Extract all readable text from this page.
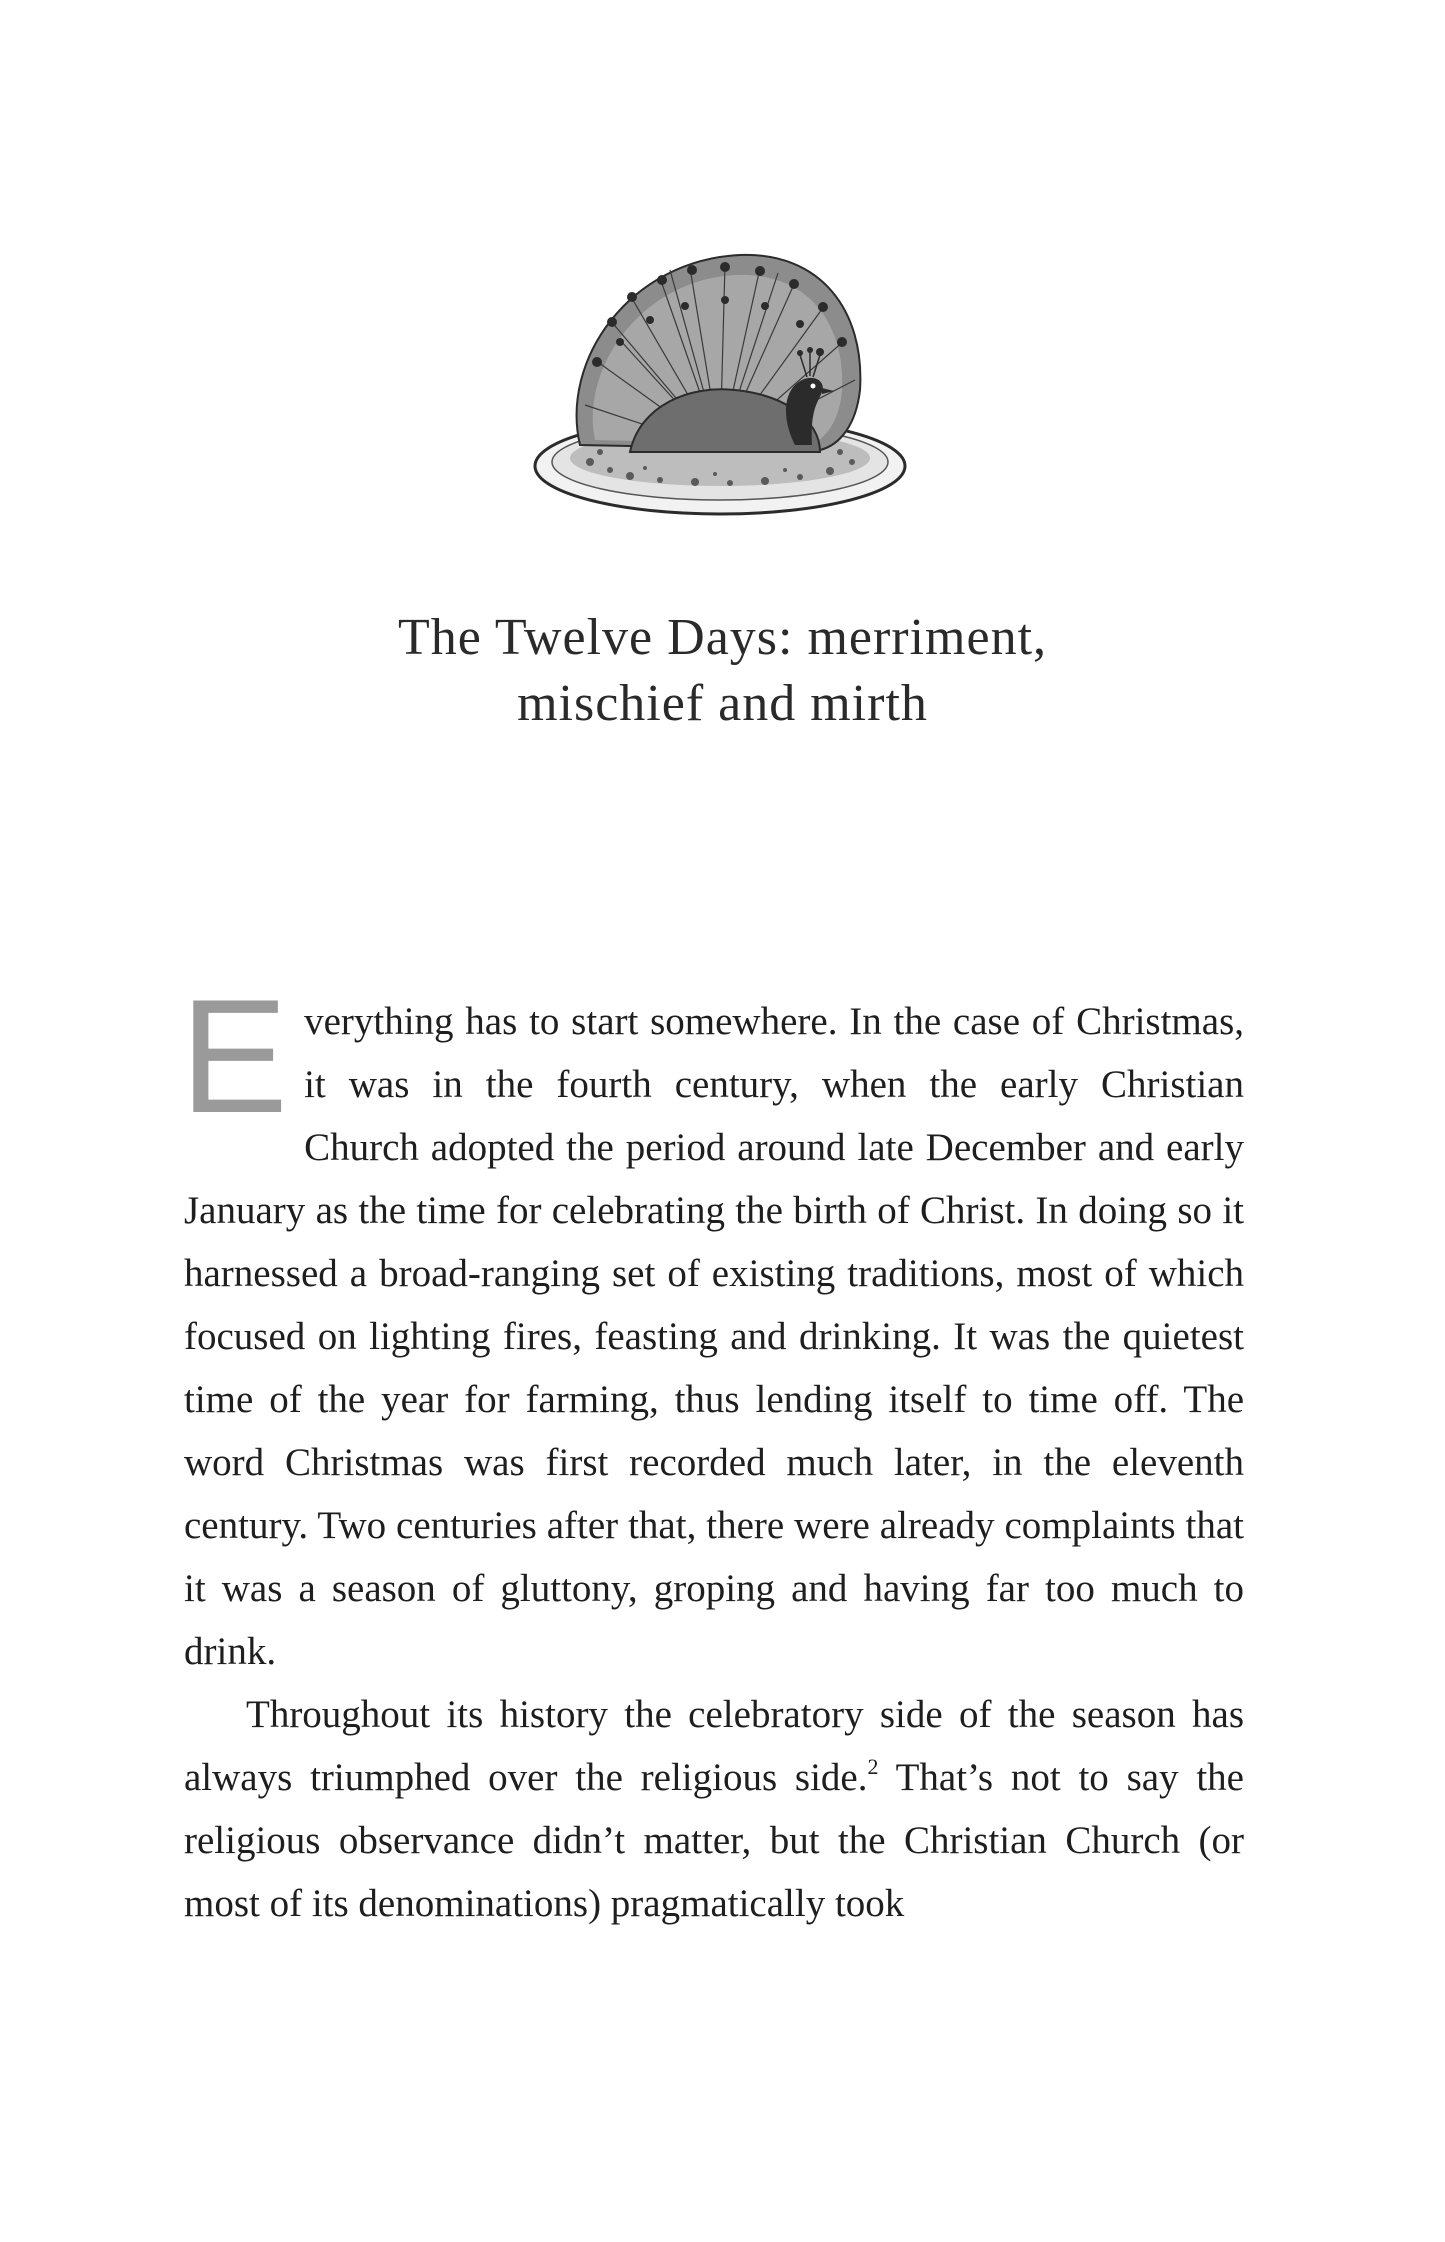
The Twelve Days: merriment,
mischief and mirth

Everything has to start somewhere. In the case of Christmas, it was in the fourth century, when the early Christian Church adopted the period around late December and early January as the time for celebrating the birth of Christ. In doing so it harnessed a broad-ranging set of existing traditions, most of which focused on lighting fires, feasting and drinking. It was the quietest time of the year for farming, thus lending itself to time off. The word Christmas was first recorded much later, in the eleventh century. Two centuries after that, there were already complaints that it was a season of gluttony, groping and having far too much to drink.

Throughout its history the celebratory side of the season has always triumphed over the religious side.$^2$ That’s not to say the religious observance didn’t matter, but the Christian Church (or most of its denominations) pragmatically took
